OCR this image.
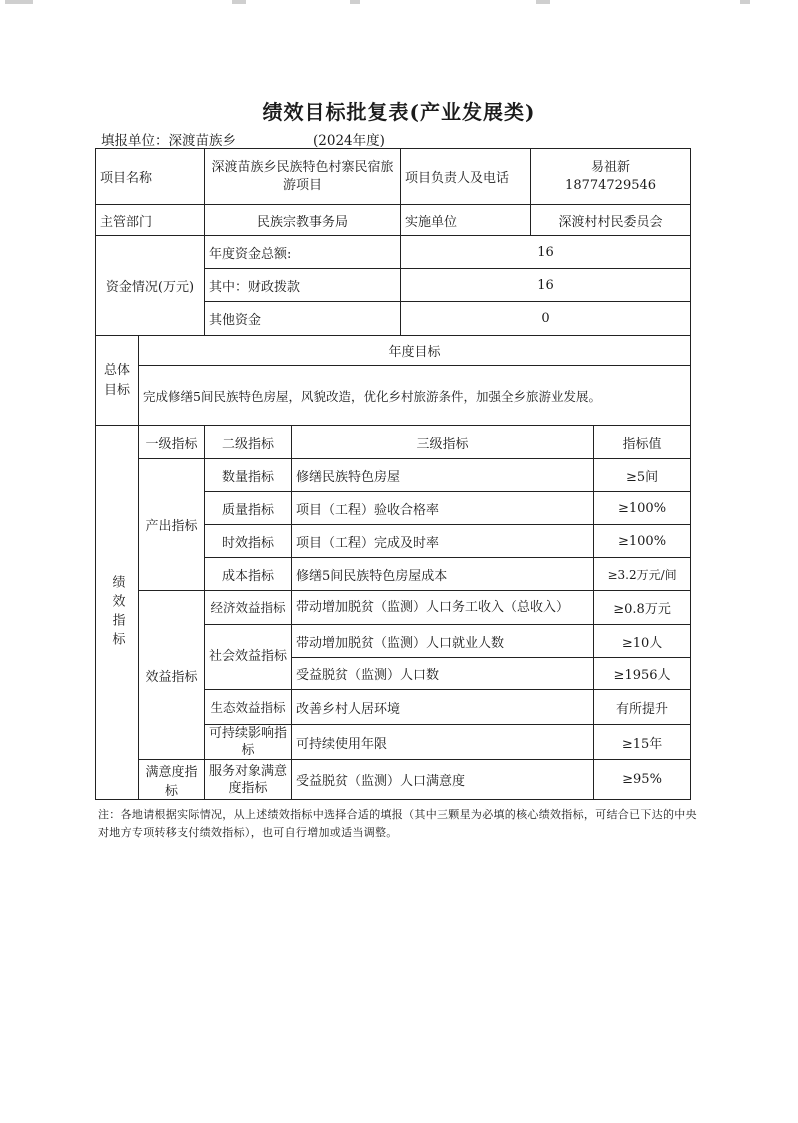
绩效目标批复表(产业发展类)
填报单位：深渡苗族乡	(2024年度)
项目名称		深渡苗族乡民族特色村寨民宿旅游项目		项目负责人及电话	易祖新
18774729546	

主管部门		民族宗教事务局		实施单位	深渡村村民委员会	
资金情况(万元)		年度资金总额:		16		
		其中：财政拨款		16		
		其他资金		0		
总体目标	年度目标					
	完成修缮5间民族特色房屋，风貌改造，优化乡村旅游条件，加强全乡旅游业发展。					

绩效指标	一级指标	二级指标	三级指标			指标值
	产出指标	数量指标	修缮民族特色房屋			≥5间
		质量指标	项目（工程）验收合格率			≥100%
		时效指标	项目（工程）完成及时率			≥100%
		成本指标	修缮5间民族特色房屋成本			≥3.2万元/间
	效益指标	经济效益指标	带动增加脱贫（监测）人口务工收入（总收入）			≥0.8万元
		社会效益指标	带动增加脱贫（监测）人口就业人数			≥10人
			受益脱贫（监测）人口数			≥1956人
		生态效益指标	改善乡村人居环境			有所提升
		可持续影响指标	可持续使用年限			≥15年
	满意度指标	服务对象满意度指标	受益脱贫（监测）人口满意度			≥95%
注：各地请根据实际情况，从上述绩效指标中选择合适的填报（其中三颗星为必填的核心绩效指标，可结合已下达的中央对地方专项转移支付绩效指标），也可自行增加或适当调整。
